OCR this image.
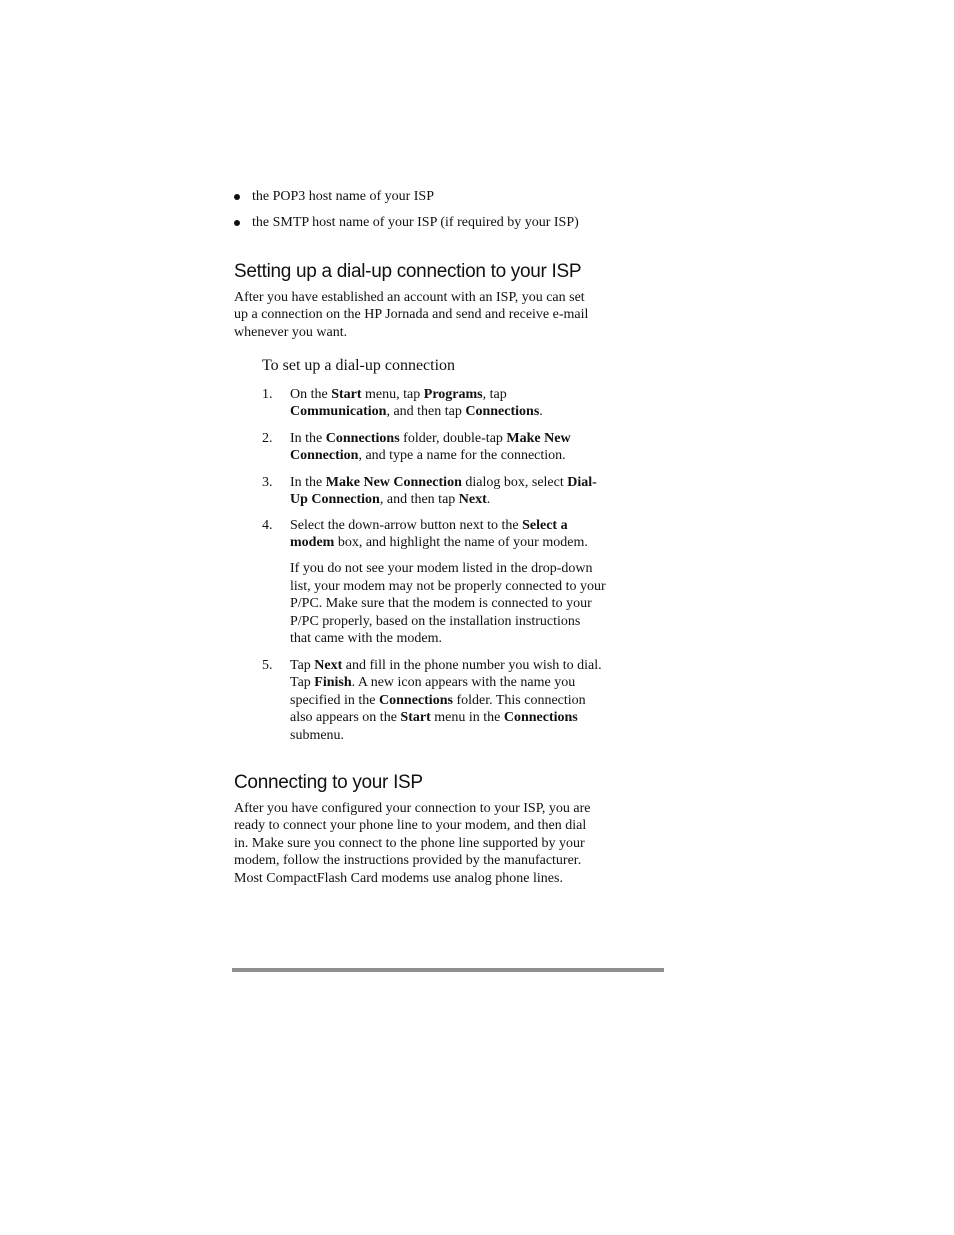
the POP3 host name of your ISP
the SMTP host name of your ISP (if required by your ISP)
Setting up a dial-up connection to your ISP
After you have established an account with an ISP, you can set
up a connection on the HP Jornada and send and receive e-mail
whenever you want.
To set up a dial-up connection
1. On the Start menu, tap Programs, tap
Communication, and then tap Connections.
2. In the Connections folder, double-tap Make New
Connection, and type a name for the connection.
3. In the Make New Connection dialog box, select Dial-
Up Connection, and then tap Next.
4. Select the down-arrow button next to the Select a
modem box, and highlight the name of your modem.
If you do not see your modem listed in the drop-down
list, your modem may not be properly connected to your
P/PC. Make sure that the modem is connected to your
P/PC properly, based on the installation instructions
that came with the modem.
5. Tap Next and fill in the phone number you wish to dial.
Tap Finish. A new icon appears with the name you
specified in the Connections folder. This connection
also appears on the Start menu in the Connections
submenu.
Connecting to your ISP
After you have configured your connection to your ISP, you are
ready to connect your phone line to your modem, and then dial
in. Make sure you connect to the phone line supported by your
modem, follow the instructions provided by the manufacturer.
Most CompactFlash Card modems use analog phone lines.
